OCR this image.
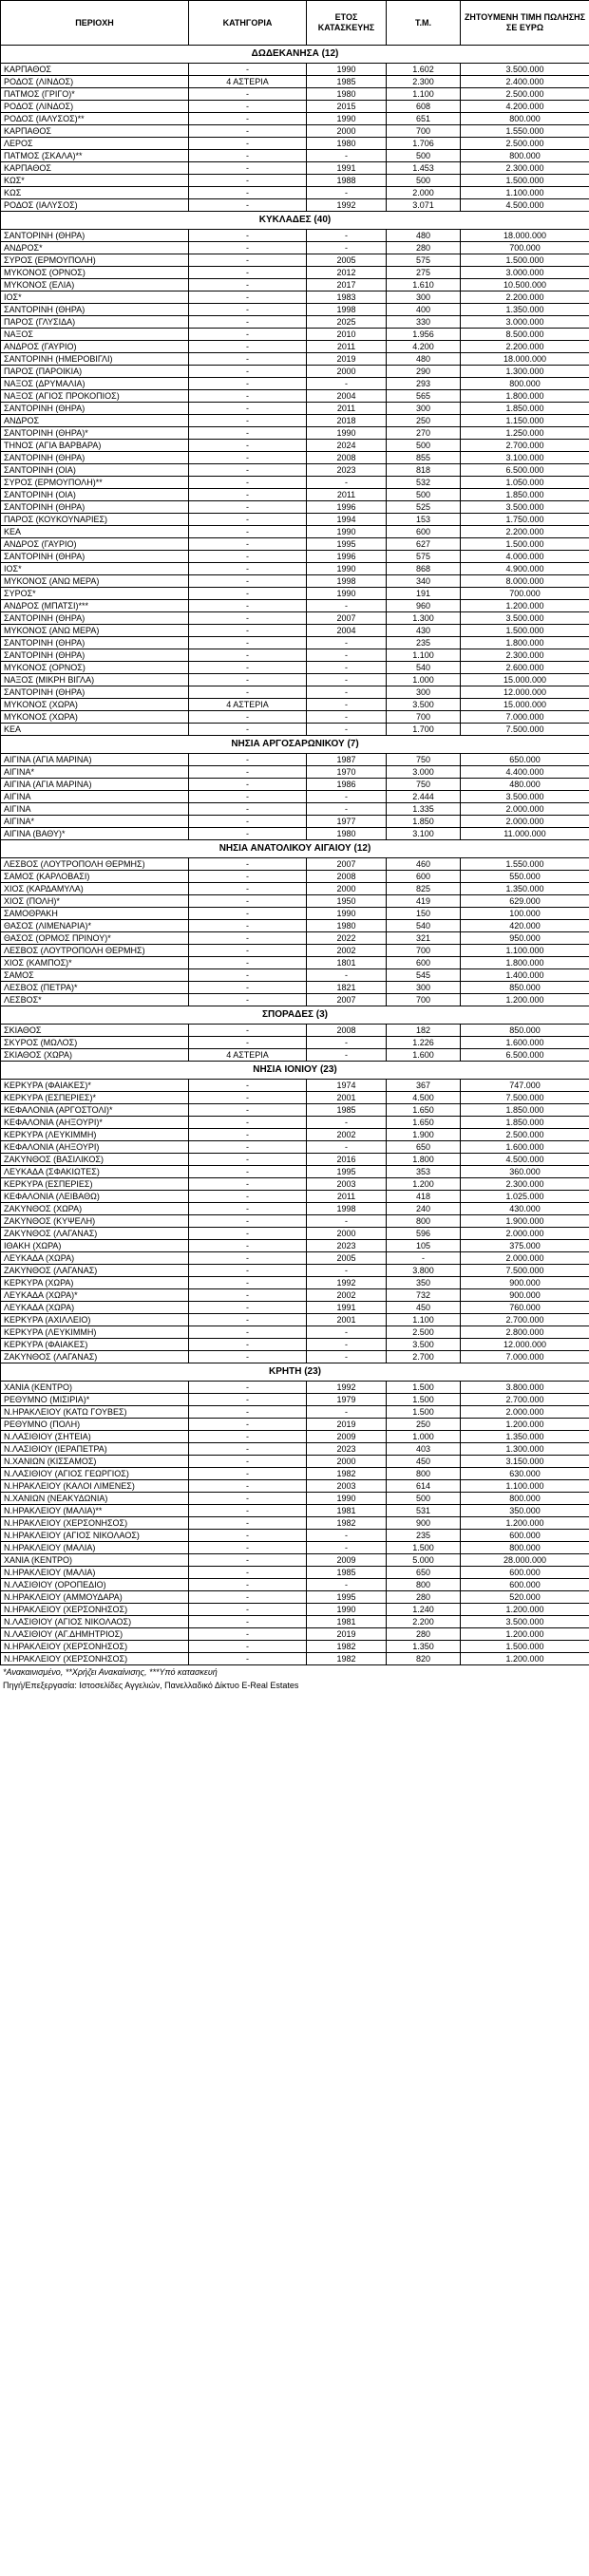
ΠΕΡΙΟΧΗ	ΚΑΤΗΓΟΡΙΑ	ΕΤΟΣ ΚΑΤΑΣΚΕΥΗΣ	Τ.Μ.	ΖΗΤΟΥΜΕΝΗ ΤΙΜΗ ΠΩΛΗΣΗΣ ΣΕ ΕΥΡΩ
ΔΩΔΕΚΑΝΗΣΑ (12)				
ΚΑΡΠΑΘΟΣ	-	1990	1.602	3.500.000
ΡΟΔΟΣ (ΛΙΝΔΟΣ)	4 ΑΣΤΕΡΙΑ	1985	2.300	2.400.000
ΠΑΤΜΟΣ (ΓΡΙΓΟ)*	-	1980	1.100	2.500.000
ΡΟΔΟΣ (ΛΙΝΔΟΣ)	-	2015	608	4.200.000
ΡΟΔΟΣ (ΙΑΛΥΣΟΣ)**	-	1990	651	800.000
ΚΑΡΠΑΘΟΣ	-	2000	700	1.550.000
ΛΕΡΟΣ	-	1980	1.706	2.500.000
ΠΑΤΜΟΣ (ΣΚΑΛΑ)**	-	-	500	800.000
ΚΑΡΠΑΘΟΣ	-	1991	1.453	2.300.000
ΚΩΣ*	-	1988	500	1.500.000
ΚΩΣ	-	-	2.000	1.100.000
ΡΟΔΟΣ (ΙΑΛΥΣΟΣ)	-	1992	3.071	4.500.000
ΚΥΚΛΑΔΕΣ (40)				
ΣΑΝΤΟΡΙΝΗ (ΘΗΡΑ)	-	-	480	18.000.000
ΑΝΔΡΟΣ*	-	-	280	700.000
ΣΥΡΟΣ (ΕΡΜΟΥΠΟΛΗ)	-	2005	575	1.500.000
ΜΥΚΟΝΟΣ (ΟΡΝΟΣ)	-	2012	275	3.000.000
ΜΥΚΟΝΟΣ (ΕΛΙΑ)	-	2017	1.610	10.500.000
ΙΟΣ*	-	1983	300	2.200.000
ΣΑΝΤΟΡΙΝΗ (ΘΗΡΑ)	-	1998	400	1.350.000
ΠΑΡΟΣ (ΓΛΥΣΙΔΑ)	-	2025	330	3.000.000
ΝΑΞΟΣ	-	2010	1.956	8.500.000
ΑΝΔΡΟΣ (ΓΑΥΡΙΟ)	-	2011	4.200	2.200.000
ΣΑΝΤΟΡΙΝΗ (ΗΜΕΡΟΒΙΓΛΙ)	-	2019	480	18.000.000
ΠΑΡΟΣ (ΠΑΡΟΙΚΙΑ)	-	2000	290	1.300.000
ΝΑΞΟΣ (ΔΡΥΜΑΛΙΑ)	-	-	293	800.000
ΝΑΞΟΣ (ΑΓΙΟΣ ΠΡΟΚΟΠΙΟΣ)	-	2004	565	1.800.000
ΣΑΝΤΟΡΙΝΗ (ΘΗΡΑ)	-	2011	300	1.850.000
ΑΝΔΡΟΣ	-	2018	250	1.150.000
ΣΑΝΤΟΡΙΝΗ (ΘΗΡΑ)*	-	1990	270	1.250.000
ΤΗΝΟΣ (ΑΓΙΑ ΒΑΡΒΑΡΑ)	-	2024	500	2.700.000
ΣΑΝΤΟΡΙΝΗ (ΘΗΡΑ)	-	2008	855	3.100.000
ΣΑΝΤΟΡΙΝΗ (ΟΙΑ)	-	2023	818	6.500.000
ΣΥΡΟΣ (ΕΡΜΟΥΠΟΛΗ)**	-	-	532	1.050.000
ΣΑΝΤΟΡΙΝΗ (ΟΙΑ)	-	2011	500	1.850.000
ΣΑΝΤΟΡΙΝΗ (ΘΗΡΑ)	-	1996	525	3.500.000
ΠΑΡΟΣ (ΚΟΥΚΟΥΝΑΡΙΕΣ)	-	1994	153	1.750.000
ΚΕΑ	-	1990	600	2.200.000
ΑΝΔΡΟΣ (ΓΑΥΡΙΟ)	-	1995	627	1.500.000
ΣΑΝΤΟΡΙΝΗ (ΘΗΡΑ)	-	1996	575	4.000.000
ΙΟΣ*	-	1990	868	4.900.000
ΜΥΚΟΝΟΣ (ΑΝΩ ΜΕΡΑ)	-	1998	340	8.000.000
ΣΥΡΟΣ*	-	1990	191	700.000
ΑΝΔΡΟΣ (ΜΠΑΤΣΙ)***	-	-	960	1.200.000
ΣΑΝΤΟΡΙΝΗ (ΘΗΡΑ)	-	2007	1.300	3.500.000
ΜΥΚΟΝΟΣ (ΑΝΩ ΜΕΡΑ)	-	2004	430	1.500.000
ΣΑΝΤΟΡΙΝΗ (ΘΗΡΑ)	-	-	235	1.800.000
ΣΑΝΤΟΡΙΝΗ (ΘΗΡΑ)	-	-	1.100	2.300.000
ΜΥΚΟΝΟΣ (ΟΡΝΟΣ)	-	-	540	2.600.000
ΝΑΞΟΣ (ΜΙΚΡΗ ΒΙΓΛΑ)	-	-	1.000	15.000.000
ΣΑΝΤΟΡΙΝΗ (ΘΗΡΑ)	-	-	300	12.000.000
ΜΥΚΟΝΟΣ (ΧΩΡΑ)	4 ΑΣΤΕΡΙΑ	-	3.500	15.000.000
ΜΥΚΟΝΟΣ (ΧΩΡΑ)	-	-	700	7.000.000
ΚΕΑ	-	-	1.700	7.500.000
ΝΗΣΙΑ ΑΡΓΟΣΑΡΩΝΙΚΟΥ (7)				
ΑΙΓΙΝΑ (ΑΓΙΑ ΜΑΡΙΝΑ)	-	1987	750	650.000
ΑΙΓΙΝΑ*	-	1970	3.000	4.400.000
ΑΙΓΙΝΑ (ΑΓΙΑ ΜΑΡΙΝΑ)	-	1986	750	480.000
ΑΙΓΙΝΑ	-	-	2.444	3.500.000
ΑΙΓΙΝΑ	-	-	1.335	2.000.000
ΑΙΓΙΝΑ*	-	1977	1.850	2.000.000
ΑΙΓΙΝΑ (ΒΑΘΥ)*	-	1980	3.100	11.000.000
ΝΗΣΙΑ ΑΝΑΤΟΛΙΚΟΥ ΑΙΓΑΙΟΥ (12)				
ΛΕΣΒΟΣ (ΛΟΥΤΡΟΠΟΛΗ ΘΕΡΜΗΣ)	-	2007	460	1.550.000
ΣΑΜΟΣ (ΚΑΡΛΟΒΑΣΙ)	-	2008	600	550.000
ΧΙΟΣ (ΚΑΡΔΑΜΥΛΑ)	-	2000	825	1.350.000
ΧΙΟΣ (ΠΟΛΗ)*	-	1950	419	629.000
ΣΑΜΟΘΡΑΚΗ	-	1990	150	100.000
ΘΑΣΟΣ (ΛΙΜΕΝΑΡΙΑ)*	-	1980	540	420.000
ΘΑΣΟΣ (ΟΡΜΟΣ ΠΡΙΝΟΥ)*	-	2022	321	950.000
ΛΕΣΒΟΣ (ΛΟΥΤΡΟΠΟΛΗ ΘΕΡΜΗΣ)	-	2002	700	1.100.000
ΧΙΟΣ (ΚΑΜΠΟΣ)*	-	1801	600	1.800.000
ΣΑΜΟΣ	-	-	545	1.400.000
ΛΕΣΒΟΣ (ΠΕΤΡΑ)*	-	1821	300	850.000
ΛΕΣΒΟΣ*	-	2007	700	1.200.000
ΣΠΟΡΑΔΕΣ (3)				
ΣΚΙΑΘΟΣ	-	2008	182	850.000
ΣΚΥΡΟΣ (ΜΩΛΟΣ)	-	-	1.226	1.600.000
ΣΚΙΑΘΟΣ (ΧΩΡΑ)	4 ΑΣΤΕΡΙΑ	-	1.600	6.500.000
ΝΗΣΙΑ ΙΟΝΙΟΥ (23)				
ΚΕΡΚΥΡΑ (ΦΑΙΑΚΕΣ)*	-	1974	367	747.000
ΚΕΡΚΥΡΑ (ΕΣΠΕΡΙΕΣ)*	-	2001	4.500	7.500.000
ΚΕΦΑΛΟΝΙΑ (ΑΡΓΟΣΤΟΛΙ)*	-	1985	1.650	1.850.000
ΚΕΦΑΛΟΝΙΑ (ΑΗΞΟΥΡΙ)*	-	-	1.650	1.850.000
ΚΕΡΚΥΡΑ (ΛΕΥΚΙΜΜΗ)	-	2002	1.900	2.500.000
ΚΕΦΑΛΟΝΙΑ (ΑΗΞΟΥΡΙ)	-	-	650	1.600.000
ΖΑΚΥΝΘΟΣ (ΒΑΣΙΛΙΚΟΣ)	-	2016	1.800	4.500.000
ΛΕΥΚΑΔΑ (ΣΦΑΚΙΩΤΕΣ)	-	1995	353	360.000
ΚΕΡΚΥΡΑ (ΕΣΠΕΡΙΕΣ)	-	2003	1.200	2.300.000
ΚΕΦΑΛΟΝΙΑ (ΛΕΙΒΑΘΩ)	-	2011	418	1.025.000
ΖΑΚΥΝΘΟΣ (ΧΩΡΑ)	-	1998	240	430.000
ΖΑΚΥΝΘΟΣ (ΚΥΨΕΛΗ)	-	-	800	1.900.000
ΖΑΚΥΝΘΟΣ (ΛΑΓΑΝΑΣ)	-	2000	596	2.000.000
ΙΘΑΚΗ (ΧΩΡΑ)	-	2023	105	375.000
ΛΕΥΚΑΔΑ (ΧΩΡΑ)	-	2005	-	2.000.000
ΖΑΚΥΝΘΟΣ (ΛΑΓΑΝΑΣ)	-	-	3.800	7.500.000
ΚΕΡΚΥΡΑ (ΧΩΡΑ)	-	1992	350	900.000
ΛΕΥΚΑΔΑ (ΧΩΡΑ)*	-	2002	732	900.000
ΛΕΥΚΑΔΑ (ΧΩΡΑ)	-	1991	450	760.000
ΚΕΡΚΥΡΑ (ΑΧΙΛΛΕΙΟ)	-	2001	1.100	2.700.000
ΚΕΡΚΥΡΑ (ΛΕΥΚΙΜΜΗ)	-	-	2.500	2.800.000
ΚΕΡΚΥΡΑ (ΦΑΙΑΚΕΣ)	-	-	3.500	12.000.000
ΖΑΚΥΝΘΟΣ (ΛΑΓΑΝΑΣ)	-	-	2.700	7.000.000
ΚΡΗΤΗ (23)				
ΧΑΝΙΑ (ΚΕΝΤΡΟ)	-	1992	1.500	3.800.000
ΡΕΘΥΜΝΟ (ΜΙΣΙΡΙΑ)*	-	1979	1.500	2.700.000
Ν.ΗΡΑΚΛΕΙΟΥ (ΚΑΤΩ ΓΟΥΒΕΣ)	-	-	1.500	2.000.000
ΡΕΘΥΜΝΟ (ΠΟΛΗ)	-	2019	250	1.200.000
Ν.ΛΑΣΙΘΙΟΥ (ΣΗΤΕΙΑ)	-	2009	1.000	1.350.000
Ν.ΛΑΣΙΘΙΟΥ (ΙΕΡΑΠΕΤΡΑ)	-	2023	403	1.300.000
Ν.ΧΑΝΙΩΝ (ΚΙΣΣΑΜΟΣ)	-	2000	450	3.150.000
Ν.ΛΑΣΙΘΙΟΥ (ΑΓΙΟΣ ΓΕΩΡΓΙΟΣ)	-	1982	800	630.000
Ν.ΗΡΑΚΛΕΙΟΥ (ΚΑΛΟΙ ΛΙΜΕΝΕΣ)	-	2003	614	1.100.000
Ν.ΧΑΝΙΩΝ (ΝΕΑΚΥΔΩΝΙΑ)	-	1990	500	800.000
Ν.ΗΡΑΚΛΕΙΟΥ (ΜΑΛΙΑ)**	-	1981	531	350.000
Ν.ΗΡΑΚΛΕΙΟΥ (ΧΕΡΣΟΝΗΣΟΣ)	-	1982	900	1.200.000
Ν.ΗΡΑΚΛΕΙΟΥ (ΑΓΙΟΣ ΝΙΚΟΛΑΟΣ)	-	-	235	600.000
Ν.ΗΡΑΚΛΕΙΟΥ (ΜΑΛΙΑ)	-	-	1.500	800.000
ΧΑΝΙΑ (ΚΕΝΤΡΟ)	-	2009	5.000	28.000.000
Ν.ΗΡΑΚΛΕΙΟΥ (ΜΑΛΙΑ)	-	1985	650	600.000
Ν.ΛΑΣΙΘΙΟΥ (ΟΡΟΠΕΔΙΟ)	-	-	800	600.000
Ν.ΗΡΑΚΛΕΙΟΥ (ΑΜΜΟΥΔΑΡΑ)	-	1995	280	520.000
Ν.ΗΡΑΚΛΕΙΟΥ (ΧΕΡΣΟΝΗΣΟΣ)	-	1990	1.240	1.200.000
Ν.ΛΑΣΙΘΙΟΥ (ΑΓΙΟΣ ΝΙΚΟΛΑΟΣ)	-	1981	2.200	3.500.000
Ν.ΛΑΣΙΘΙΟΥ (ΑΓ.ΔΗΜΗΤΡΙΟΣ)	-	2019	280	1.200.000
Ν.ΗΡΑΚΛΕΙΟΥ (ΧΕΡΣΟΝΗΣΟΣ)	-	1982	1.350	1.500.000
Ν.ΗΡΑΚΛΕΙΟΥ (ΧΕΡΣΟΝΗΣΟΣ)	-	1982	820	1.200.000
*Ανακαινισμένο, **Χρήζει Ανακαίνισης, ***Υπό κατασκευή
Πηγή/Επεξεργασία: Ιστοσελίδες Αγγελιών, Πανελλαδικό Δίκτυο E-Real Estates
